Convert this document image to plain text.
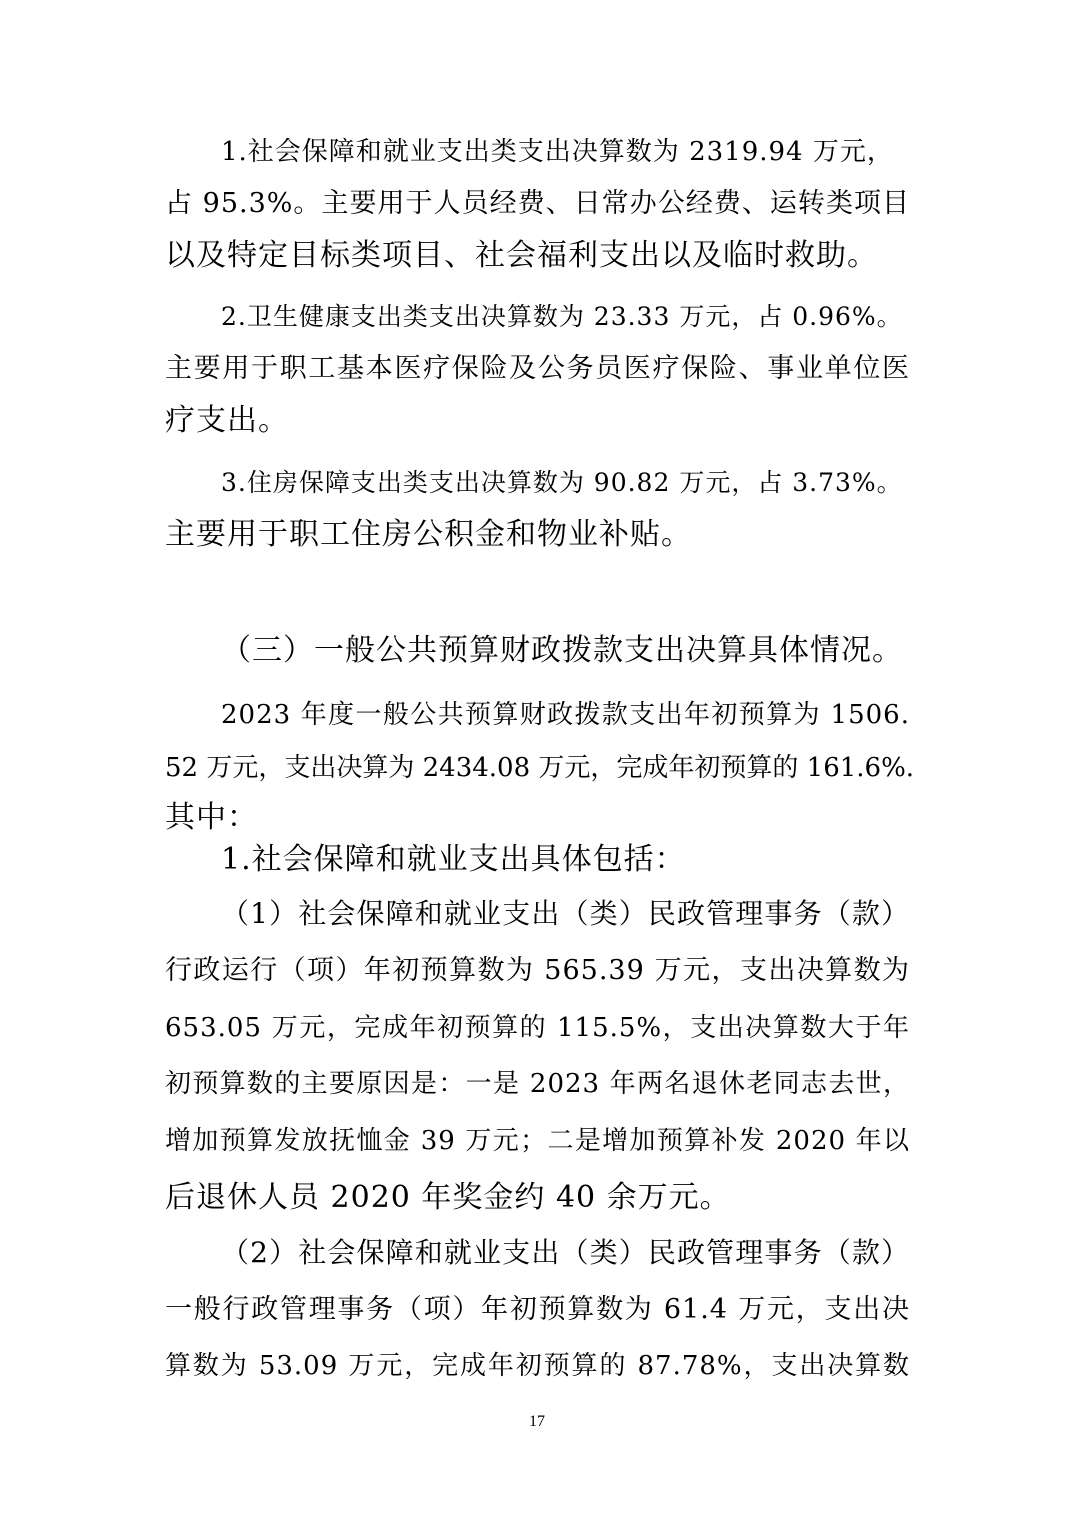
1.社会保障和就业支出类支出决算数为 2319.94 万元，
占 95.3%。主要用于人员经费、日常办公经费、运转类项目
以及特定目标类项目、社会福利支出以及临时救助。
2.卫生健康支出类支出决算数为 23.33 万元，占 0.96%。
主要用于职工基本医疗保险及公务员医疗保险、事业单位医
疗支出。
3.住房保障支出类支出决算数为 90.82 万元，占 3.73%。
主要用于职工住房公积金和物业补贴。
（三）一般公共预算财政拨款支出决算具体情况。
2023 年度一般公共预算财政拨款支出年初预算为 1506.
52 万元，支出决算为 2434.08 万元，完成年初预算的 161.6%.
其中：
1.社会保障和就业支出具体包括：
（1）社会保障和就业支出（类）民政管理事务（款）
行政运行（项）年初预算数为 565.39 万元，支出决算数为
653.05 万元，完成年初预算的 115.5%，支出决算数大于年
初预算数的主要原因是：一是 2023 年两名退休老同志去世，
增加预算发放抚恤金 39 万元；二是增加预算补发 2020 年以
后退休人员 2020 年奖金约 40 余万元。
（2）社会保障和就业支出（类）民政管理事务（款）
一般行政管理事务（项）年初预算数为 61.4 万元，支出决
算数为 53.09 万元，完成年初预算的 87.78%，支出决算数
17
